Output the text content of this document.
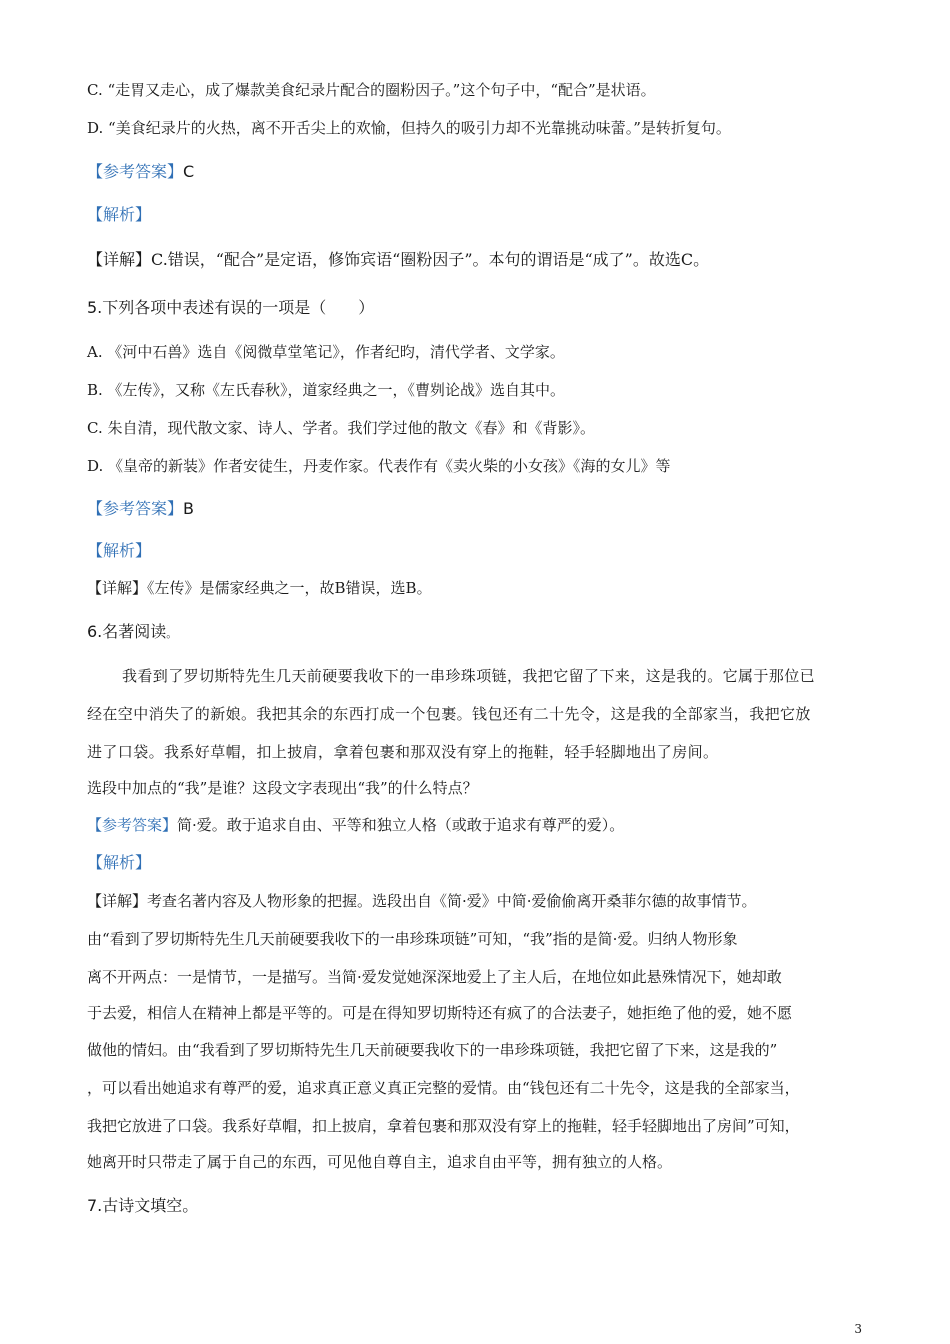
C. “走胃又走心，成了爆款美食纪录片配合的圈粉因子。”这个句子中，“配合”是状语。
D. “美食纪录片的火热，离不开舌尖上的欢愉，但持久的吸引力却不光靠挑动味蕾。”是转折复句。
【参考答案】C
【解析】
【详解】C.错误，“配合”是定语，修饰宾语“圈粉因子”。本句的谓语是“成了”。故选C。
5.下列各项中表述有误的一项是（　　）
A. 《河中石兽》选自《阅微草堂笔记》，作者纪昀，清代学者、文学家。
B. 《左传》，又称《左氏春秋》，道家经典之一，《曹刿论战》选自其中。
C. 朱自清，现代散文家、诗人、学者。我们学过他的散文《春》和《背影》。
D. 《皇帝的新装》作者安徒生，丹麦作家。代表作有《卖火柴的小女孩》《海的女儿》等
【参考答案】B
【解析】
【详解】《左传》是儒家经典之一，故B错误，选B。
6.名著阅读。
我看到了罗切斯特先生几天前硬要我收下的一串珍珠项链，我把它留了下来，这是我的。它属于那位已
经在空中消失了的新娘。我把其余的东西打成一个包裹。钱包还有二十先令，这是我的全部家当，我把它放
进了口袋。我系好草帽，扣上披肩，拿着包裹和那双没有穿上的拖鞋，轻手轻脚地出了房间。
选段中加点的“我”是谁？这段文字表现出“我”的什么特点？
【参考答案】简·爱。敢于追求自由、平等和独立人格（或敢于追求有尊严的爱）。
【解析】
【详解】考查名著内容及人物形象的把握。选段出自《简·爱》中简·爱偷偷离开桑菲尔德的故事情节。
由“看到了罗切斯特先生几天前硬要我收下的一串珍珠项链”可知，“我”指的是简·爱。归纳人物形象
离不开两点：一是情节，一是描写。当简·爱发觉她深深地爱上了主人后，在地位如此悬殊情况下，她却敢
于去爱，相信人在精神上都是平等的。可是在得知罗切斯特还有疯了的合法妻子，她拒绝了他的爱，她不愿
做他的情妇。由“我看到了罗切斯特先生几天前硬要我收下的一串珍珠项链，我把它留了下来，这是我的”
，可以看出她追求有尊严的爱，追求真正意义真正完整的爱情。由“钱包还有二十先令，这是我的全部家当，
我把它放进了口袋。我系好草帽，扣上披肩，拿着包裹和那双没有穿上的拖鞋，轻手轻脚地出了房间”可知，
她离开时只带走了属于自己的东西，可见他自尊自主，追求自由平等，拥有独立的人格。
7.古诗文填空。
3
